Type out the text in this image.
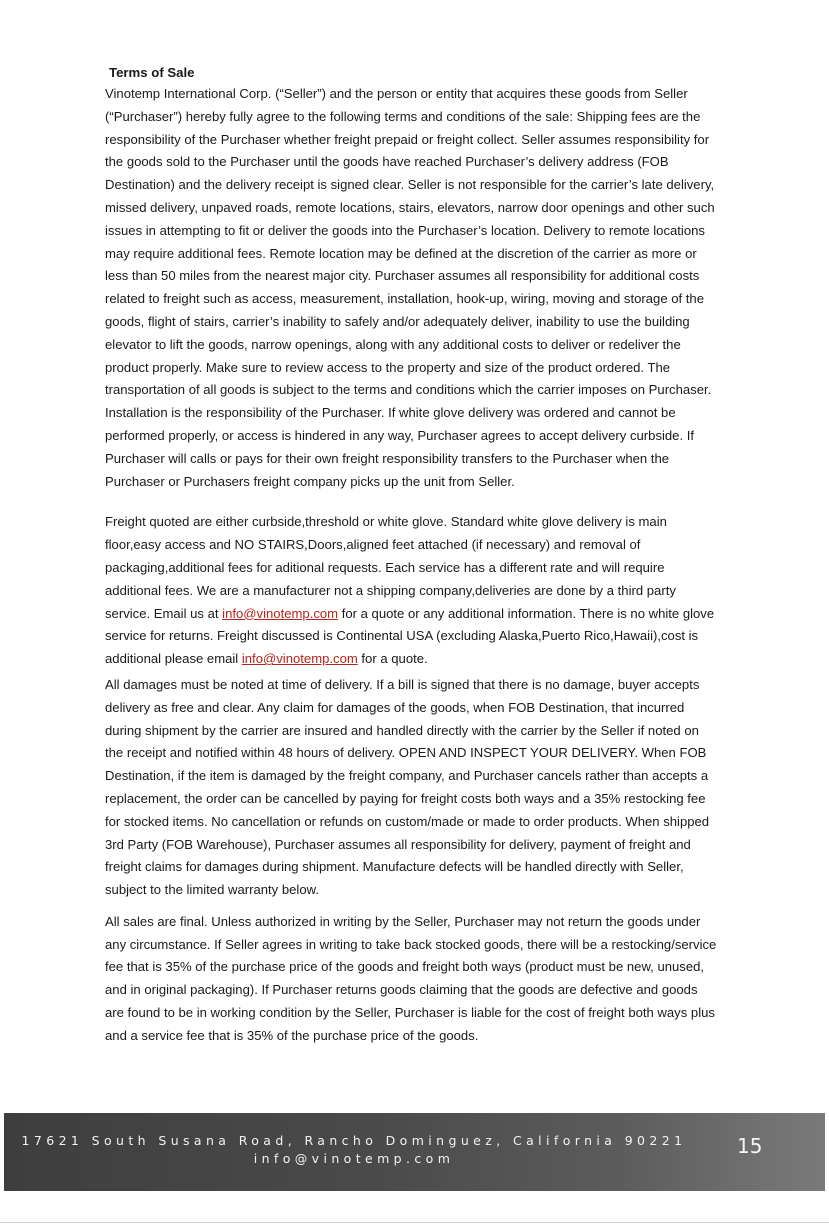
Terms of Sale

Vinotemp International Corp. (“Seller”) and the person or entity that acquires these goods from Seller (“Purchaser”) hereby fully agree to the following terms and conditions of the sale: Shipping fees are the responsibility of the Purchaser whether freight prepaid or freight collect. Seller assumes responsibility for the goods sold to the Purchaser until the goods have reached Purchaser’s delivery address (FOB Destination) and the delivery receipt is signed clear. Seller is not responsible for the carrier’s late delivery, missed delivery, unpaved roads, remote locations, stairs, elevators, narrow door openings and other such issues in attempting to fit or deliver the goods into the Purchaser’s location. Delivery to remote locations may require additional fees. Remote location may be defined at the discretion of the carrier as more or less than 50 miles from the nearest major city. Purchaser assumes all responsibility for additional costs related to freight such as access, measurement, installation, hook-up, wiring, moving and storage of the goods, flight of stairs, carrier’s inability to safely and/or adequately deliver, inability to use the building elevator to lift the goods, narrow openings, along with any additional costs to deliver or redeliver the product properly. Make sure to review access to the property and size of the product ordered. The transportation of all goods is subject to the terms and conditions which the carrier imposes on Purchaser. Installation is the responsibility of the Purchaser. If white glove delivery was ordered and cannot be performed properly, or access is hindered in any way, Purchaser agrees to accept delivery curbside. If Purchaser will calls or pays for their own freight responsibility transfers to the Purchaser when the Purchaser or Purchasers freight company picks up the unit from Seller.

Freight quoted are either curbside,threshold or white glove. Standard white glove delivery is main floor,easy access and NO STAIRS,Doors,aligned feet attached (if necessary) and removal of packaging,additional fees for aditional requests. Each service has a different rate and will require additional fees. We are a manufacturer not a shipping company,deliveries are done by a third party service. Email us at info@vinotemp.com for a quote or any additional information. There is no white glove service for returns. Freight discussed is Continental USA (excluding Alaska,Puerto Rico,Hawaii),cost is additional please email info@vinotemp.com for a quote.

All damages must be noted at time of delivery. If a bill is signed that there is no damage, buyer accepts delivery as free and clear. Any claim for damages of the goods, when FOB Destination, that incurred during shipment by the carrier are insured and handled directly with the carrier by the Seller if noted on the receipt and notified within 48 hours of delivery. OPEN AND INSPECT YOUR DELIVERY. When FOB Destination, if the item is damaged by the freight company, and Purchaser cancels rather than accepts a replacement, the order can be cancelled by paying for freight costs both ways and a 35% restocking fee for stocked items. No cancellation or refunds on custom/made or made to order products. When shipped 3rd Party (FOB Warehouse), Purchaser assumes all responsibility for delivery, payment of freight and freight claims for damages during shipment. Manufacture defects will be handled directly with Seller, subject to the limited warranty below.

All sales are final. Unless authorized in writing by the Seller, Purchaser may not return the goods under any circumstance. If Seller agrees in writing to take back stocked goods, there will be a restocking/service fee that is 35% of the purchase price of the goods and freight both ways (product must be new, unused, and in original packaging). If Purchaser returns goods claiming that the goods are defective and goods are found to be in working condition by the Seller, Purchaser is liable for the cost of freight both ways plus and a service fee that is 35% of the purchase price of the goods.

17621 South Susana Road, Rancho Dominguez, California 90221
info@vinotemp.com
15
